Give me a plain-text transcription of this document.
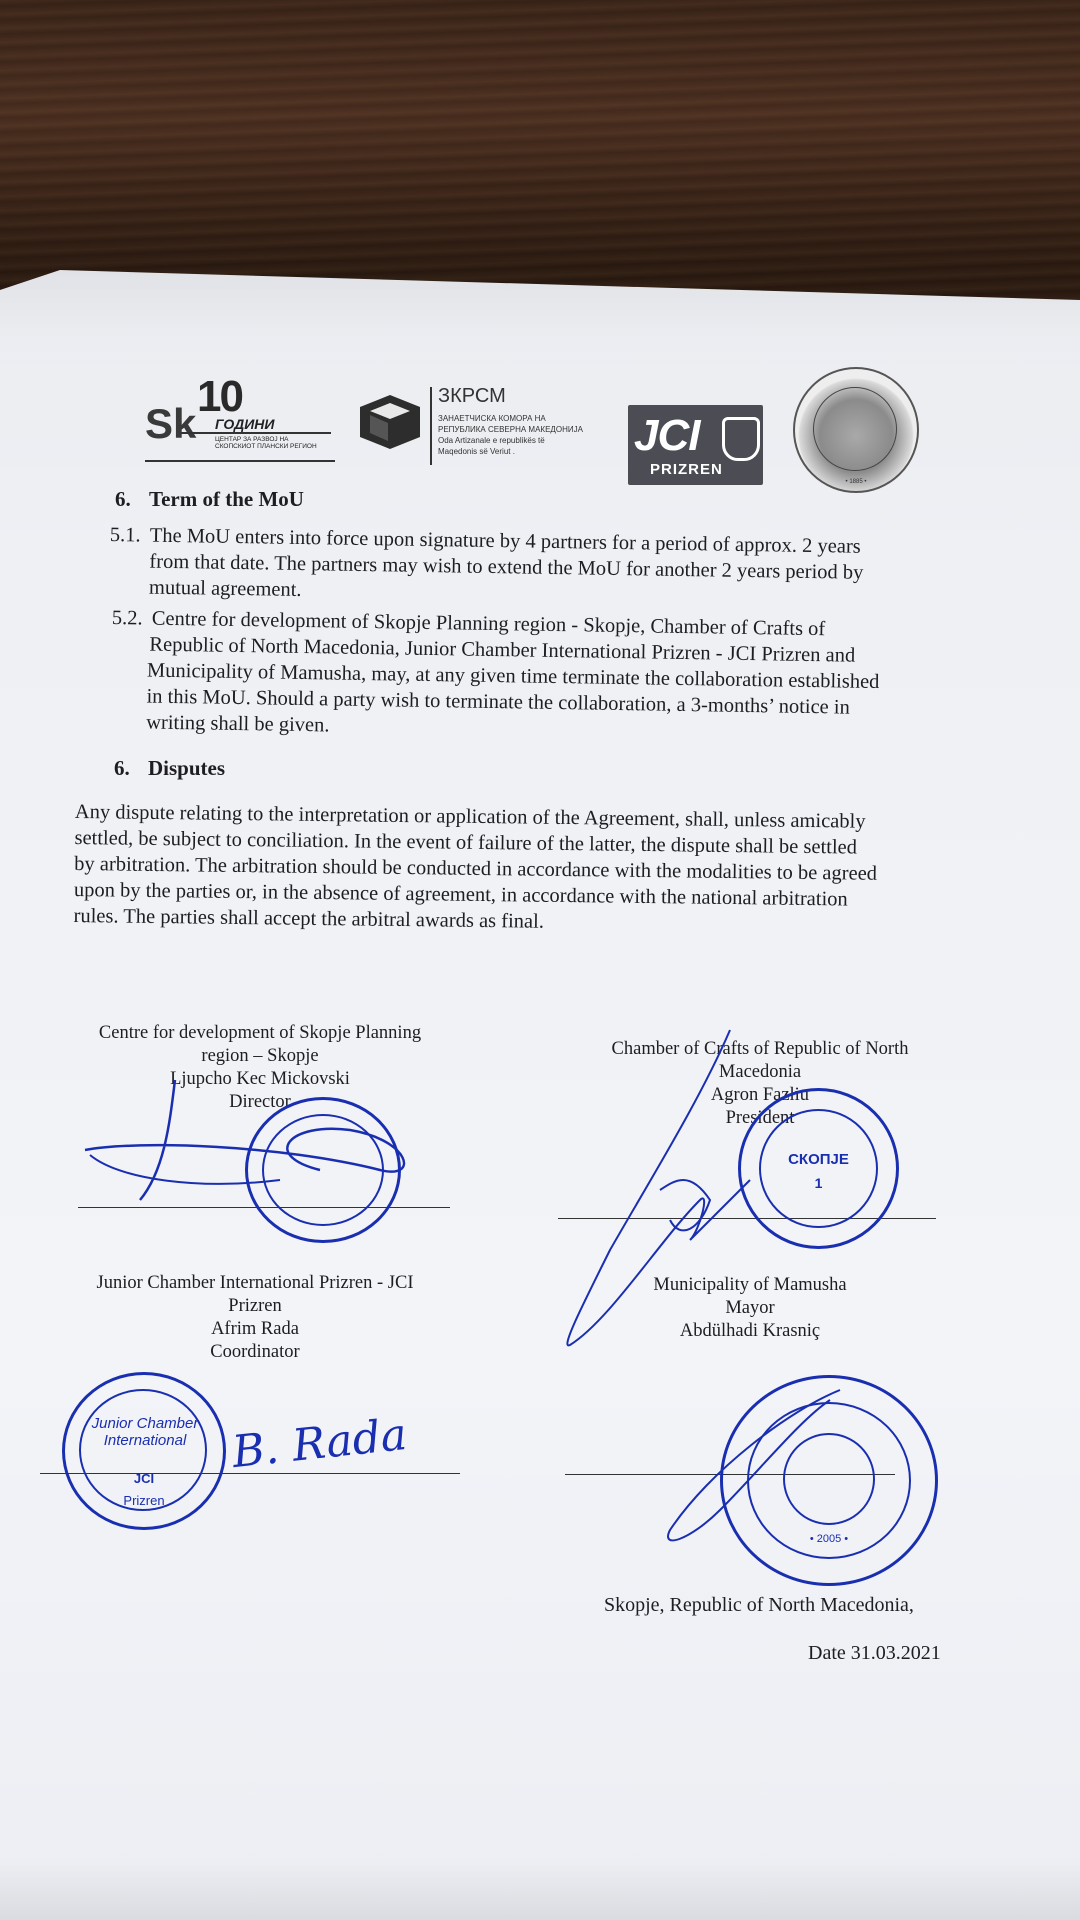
10
Sk ГОДИНИ
ЦЕНТАР ЗА РАЗВОЈ НА СКОПСКИОТ ПЛАНСКИ РЕГИОН
ЗКРСМ
ЗАНАЕТЧИСКА КОМОРА НА
РЕПУБЛИКА СЕВЕРНА МАКЕДОНИЈА
Oda Artizanale e republikës të
Maqedonis së Veriut .	JCI
PRIZREN
• 1885 •
6. Term of the MoU
5.1. The MoU enters into force upon signature by 4 partners for a period of approx. 2 years
from that date. The partners may wish to extend the MoU for another 2 years period by
mutual agreement.
5.2. Centre for development of Skopje Planning region - Skopje, Chamber of Crafts of
Republic of North Macedonia, Junior Chamber International Prizren - JCI Prizren and
Municipality of Mamusha, may, at any given time terminate the collaboration established
in this MoU. Should a party wish to terminate the collaboration, a 3-months’ notice in
writing shall be given.
6. Disputes
Any dispute relating to the interpretation or application of the Agreement, shall, unless amicably
settled, be subject to conciliation. In the event of failure of the latter, the dispute shall be settled
by arbitration. The arbitration should be conducted in accordance with the modalities to be agreed
upon by the parties or, in the absence of agreement, in accordance with the national arbitration
rules. The parties shall accept the arbitral awards as final.
Centre for development of Skopje Planning
region – Skopje
Ljupcho Kec Mickovski
Director
Chamber of Crafts of Republic of North
Macedonia
Agron Fazliu
President
СКОПЈЕ
1
Junior Chamber International Prizren - JCI
Prizren
Afrim Rada
Coordinator
Junior Chamber International
JCI
Prizren
B. Rada
Municipality of Mamusha
Mayor
Abdülhadi Krasniç
• 2005 •
Skopje, Republic of North Macedonia,
Date 31.03.2021
